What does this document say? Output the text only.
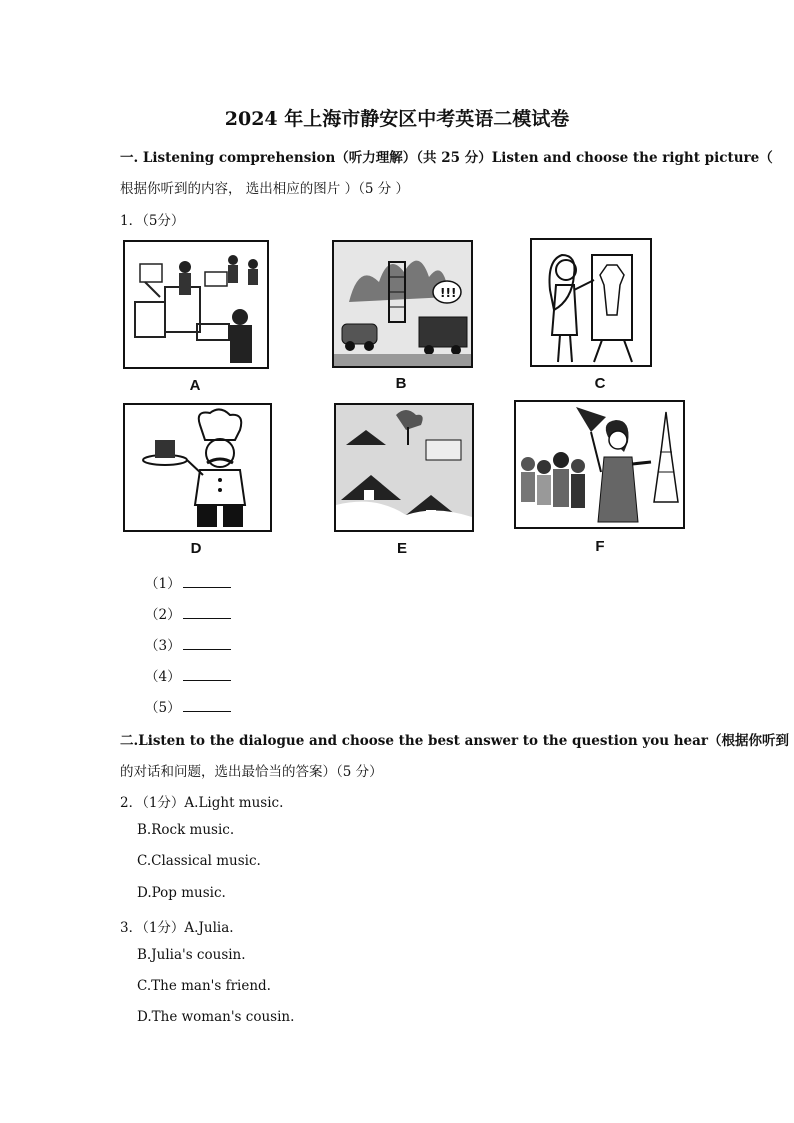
2024 年上海市静安区中考英语二模试卷
一. Listening comprehension（听力理解）（共 25 分）Listen and choose the right picture（
根据你听到的内容， 选出相应的图片 ）（5 分 ）
1．（5分）
A
!!!
B	C
D	E	F
（1）
（2）
（3）
（4）
（5）
二.Listen to the dialogue and choose the best answer to the question you hear（根据你听到
的对话和问题，选出最恰当的答案）（5 分）
2．（1分）A.Light music.
B.Rock music.
C.Classical music.
D.Pop music.
3．（1分）A.Julia.
B.Julia's cousin.
C.The man's friend.
D.The woman's cousin.
